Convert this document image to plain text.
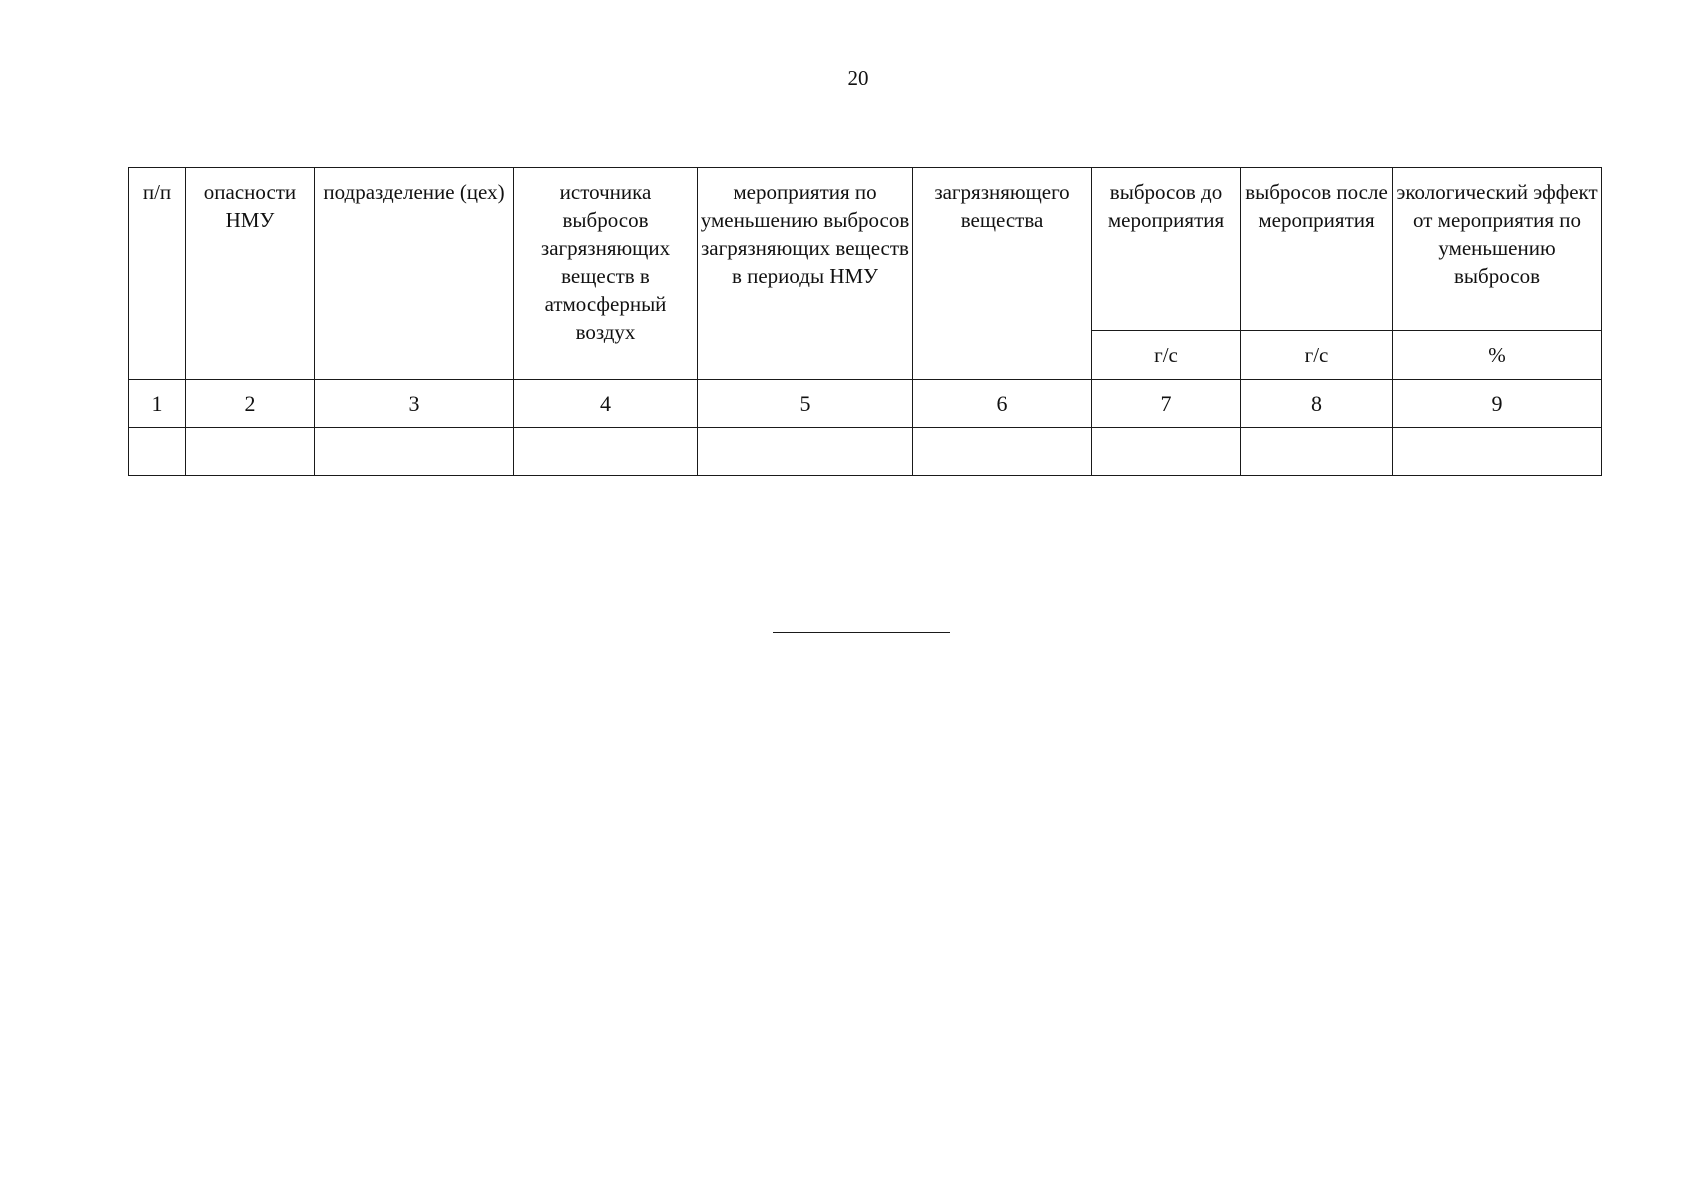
20
п/п	опасности НМУ	подразделение (цех)	источника выбросов загрязняющих веществ в атмосферный воздух	мероприятия по уменьшению выбросов загрязняющих веществ в периоды НМУ	загрязняющего вещества	выбросов до мероприятия	выбросов после мероприятия	экологический эффект от мероприятия по уменьшению выбросов
						г/с	г/с	%
1	2	3	4	5	6	7	8	9
